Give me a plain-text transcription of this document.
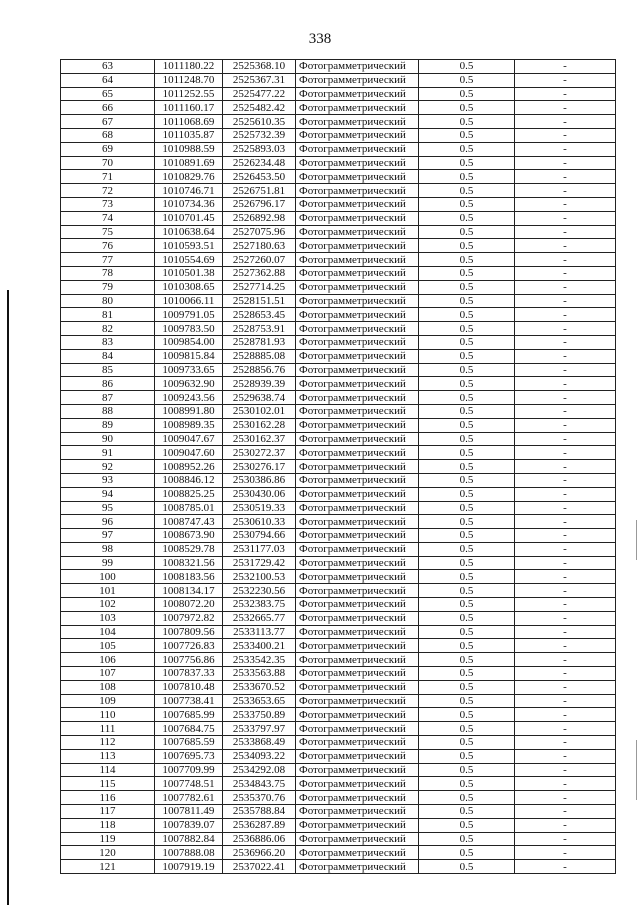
338
63	1011180.22	2525368.10	Фотограмметрический	0.5	-
64	1011248.70	2525367.31	Фотограмметрический	0.5	-
65	1011252.55	2525477.22	Фотограмметрический	0.5	-
66	1011160.17	2525482.42	Фотограмметрический	0.5	-
67	1011068.69	2525610.35	Фотограмметрический	0.5	-
68	1011035.87	2525732.39	Фотограмметрический	0.5	-
69	1010988.59	2525893.03	Фотограмметрический	0.5	-
70	1010891.69	2526234.48	Фотограмметрический	0.5	-
71	1010829.76	2526453.50	Фотограмметрический	0.5	-
72	1010746.71	2526751.81	Фотограмметрический	0.5	-
73	1010734.36	2526796.17	Фотограмметрический	0.5	-
74	1010701.45	2526892.98	Фотограмметрический	0.5	-
75	1010638.64	2527075.96	Фотограмметрический	0.5	-
76	1010593.51	2527180.63	Фотограмметрический	0.5	-
77	1010554.69	2527260.07	Фотограмметрический	0.5	-
78	1010501.38	2527362.88	Фотограмметрический	0.5	-
79	1010308.65	2527714.25	Фотограмметрический	0.5	-
80	1010066.11	2528151.51	Фотограмметрический	0.5	-
81	1009791.05	2528653.45	Фотограмметрический	0.5	-
82	1009783.50	2528753.91	Фотограмметрический	0.5	-
83	1009854.00	2528781.93	Фотограмметрический	0.5	-
84	1009815.84	2528885.08	Фотограмметрический	0.5	-
85	1009733.65	2528856.76	Фотограмметрический	0.5	-
86	1009632.90	2528939.39	Фотограмметрический	0.5	-
87	1009243.56	2529638.74	Фотограмметрический	0.5	-
88	1008991.80	2530102.01	Фотограмметрический	0.5	-
89	1008989.35	2530162.28	Фотограмметрический	0.5	-
90	1009047.67	2530162.37	Фотограмметрический	0.5	-
91	1009047.60	2530272.37	Фотограмметрический	0.5	-
92	1008952.26	2530276.17	Фотограмметрический	0.5	-
93	1008846.12	2530386.86	Фотограмметрический	0.5	-
94	1008825.25	2530430.06	Фотограмметрический	0.5	-
95	1008785.01	2530519.33	Фотограмметрический	0.5	-
96	1008747.43	2530610.33	Фотограмметрический	0.5	-
97	1008673.90	2530794.66	Фотограмметрический	0.5	-
98	1008529.78	2531177.03	Фотограмметрический	0.5	-
99	1008321.56	2531729.42	Фотограмметрический	0.5	-
100	1008183.56	2532100.53	Фотограмметрический	0.5	-
101	1008134.17	2532230.56	Фотограмметрический	0.5	-
102	1008072.20	2532383.75	Фотограмметрический	0.5	-
103	1007972.82	2532665.77	Фотограмметрический	0.5	-
104	1007809.56	2533113.77	Фотограмметрический	0.5	-
105	1007726.83	2533400.21	Фотограмметрический	0.5	-
106	1007756.86	2533542.35	Фотограмметрический	0.5	-
107	1007837.33	2533563.88	Фотограмметрический	0.5	-
108	1007810.48	2533670.52	Фотограмметрический	0.5	-
109	1007738.41	2533653.65	Фотограмметрический	0.5	-
110	1007685.99	2533750.89	Фотограмметрический	0.5	-
111	1007684.75	2533797.97	Фотограмметрический	0.5	-
112	1007685.59	2533868.49	Фотограмметрический	0.5	-
113	1007695.73	2534093.22	Фотограмметрический	0.5	-
114	1007709.99	2534292.08	Фотограмметрический	0.5	-
115	1007748.51	2534843.75	Фотограмметрический	0.5	-
116	1007782.61	2535370.76	Фотограмметрический	0.5	-
117	1007811.49	2535788.84	Фотограмметрический	0.5	-
118	1007839.07	2536287.89	Фотограмметрический	0.5	-
119	1007882.84	2536886.06	Фотограмметрический	0.5	-
120	1007888.08	2536966.20	Фотограмметрический	0.5	-
121	1007919.19	2537022.41	Фотограмметрический	0.5	-
